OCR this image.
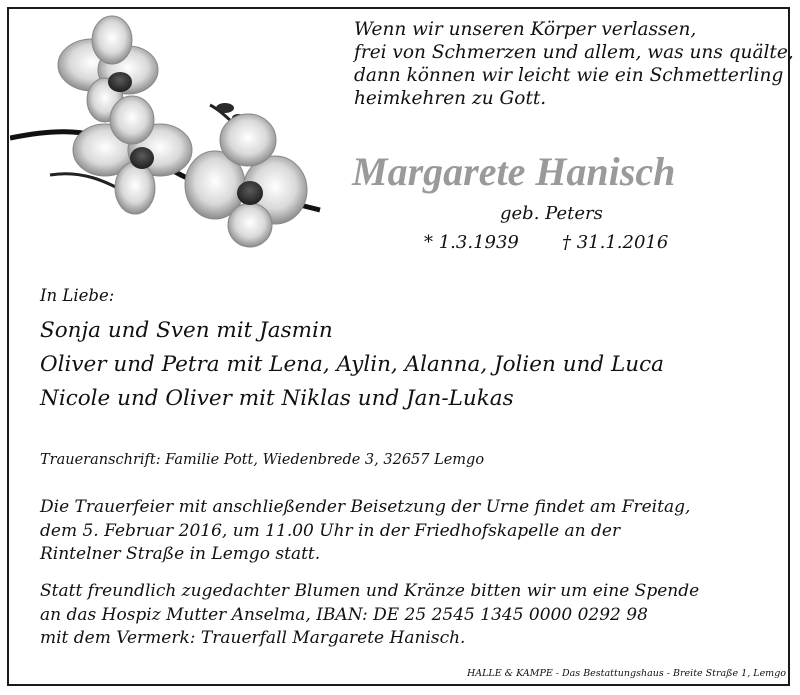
Wenn wir unseren Körper verlassen,
frei von Schmerzen und allem, was uns quälte,
dann können wir leicht wie ein Schmetterling
heimkehren zu Gott.
Margarete Hanisch
geb. Peters
* 1.3.1939 † 31.1.2016
In Liebe:
Sonja und Sven mit Jasmin
Oliver und Petra mit Lena, Aylin, Alanna, Jolien und Luca
Nicole und Oliver mit Niklas und Jan-Lukas
Traueranschrift: Familie Pott, Wiedenbrede 3, 32657 Lemgo
Die Trauerfeier mit anschließender Beisetzung der Urne findet am Freitag,
dem 5. Februar 2016, um 11.00 Uhr in der Friedhofskapelle an der
Rintelner Straße in Lemgo statt.
Statt freundlich zugedachter Blumen und Kränze bitten wir um eine Spende
an das Hospiz Mutter Anselma, IBAN: DE 25 2545 1345 0000 0292 98
mit dem Vermerk: Trauerfall Margarete Hanisch.
HALLE & KAMPE - Das Bestattungshaus - Breite Straße 1, Lemgo
